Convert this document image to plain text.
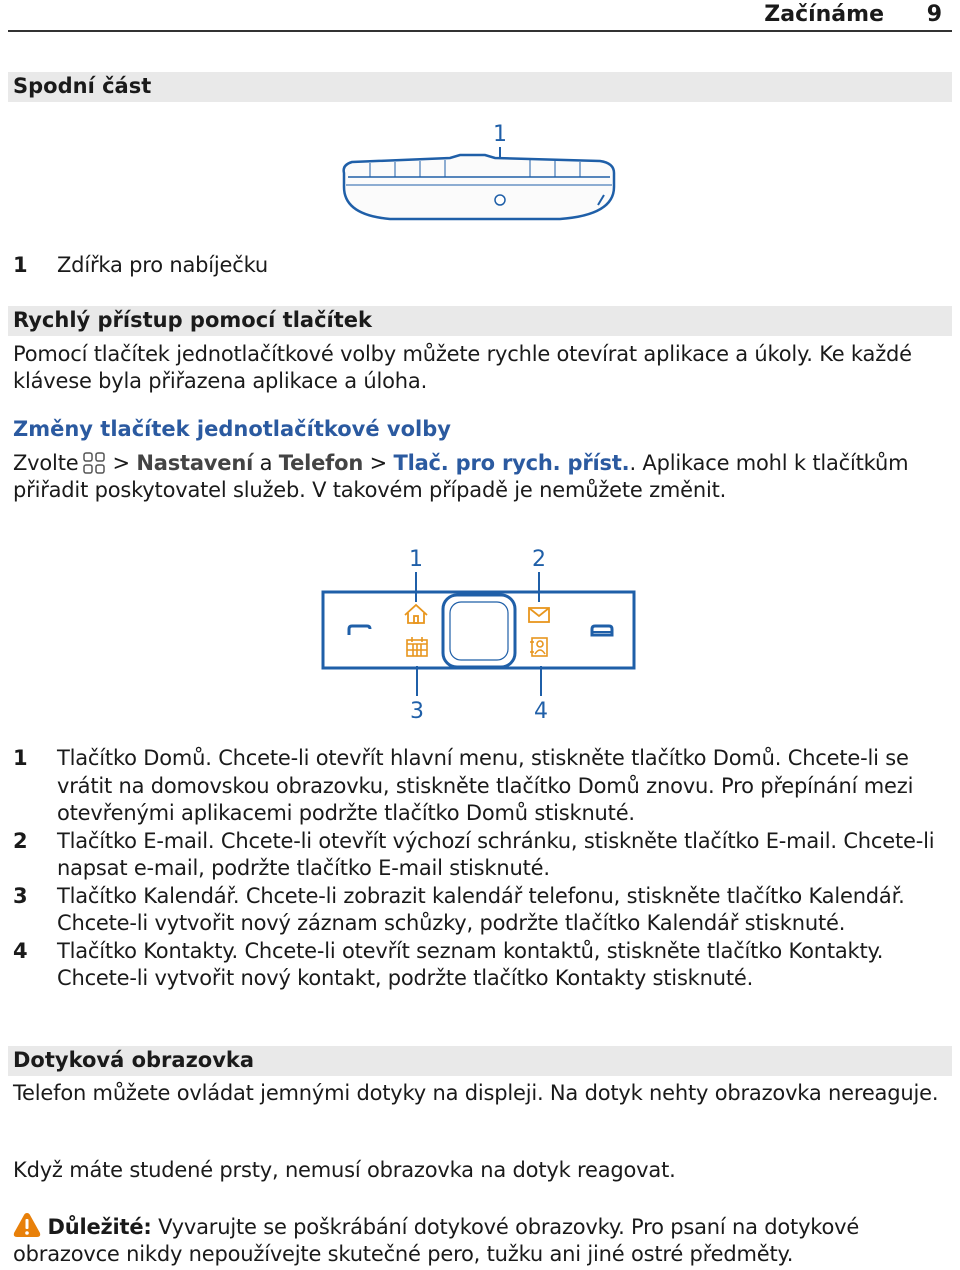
Začínáme 9
Spodní část
1
1 Zdířka pro nabíječku
Rychlý přístup pomocí tlačítek
Pomocí tlačítek jednotlačítkové volby můžete rychle otevírat aplikace a úkoly. Ke každé klávese byla přiřazena aplikace a úloha.
Změny tlačítek jednotlačítkové volby
Zvolte > Nastavení a Telefon > Tlač. pro rych. příst.. Aplikace mohl k tlačítkům přiřadit poskytovatel služeb. V takovém případě je nemůžete změnit.
1	2
3	4
1 Tlačítko Domů. Chcete-li otevřít hlavní menu, stiskněte tlačítko Domů. Chcete-li se vrátit na domovskou obrazovku, stiskněte tlačítko Domů znovu. Pro přepínání mezi otevřenými aplikacemi podržte tlačítko Domů stisknuté.
2 Tlačítko E-mail. Chcete-li otevřít výchozí schránku, stiskněte tlačítko E-mail. Chcete-li napsat e-mail, podržte tlačítko E-mail stisknuté.
3 Tlačítko Kalendář. Chcete-li zobrazit kalendář telefonu, stiskněte tlačítko Kalendář. Chcete-li vytvořit nový záznam schůzky, podržte tlačítko Kalendář stisknuté.
4 Tlačítko Kontakty. Chcete-li otevřít seznam kontaktů, stiskněte tlačítko Kontakty. Chcete-li vytvořit nový kontakt, podržte tlačítko Kontakty stisknuté.
Dotyková obrazovka
Telefon můžete ovládat jemnými dotyky na displeji. Na dotyk nehty obrazovka nereaguje.
Když máte studené prsty, nemusí obrazovka na dotyk reagovat.
Důležité: Vyvarujte se poškrábání dotykové obrazovky. Pro psaní na dotykové obrazovce nikdy nepoužívejte skutečné pero, tužku ani jiné ostré předměty.
